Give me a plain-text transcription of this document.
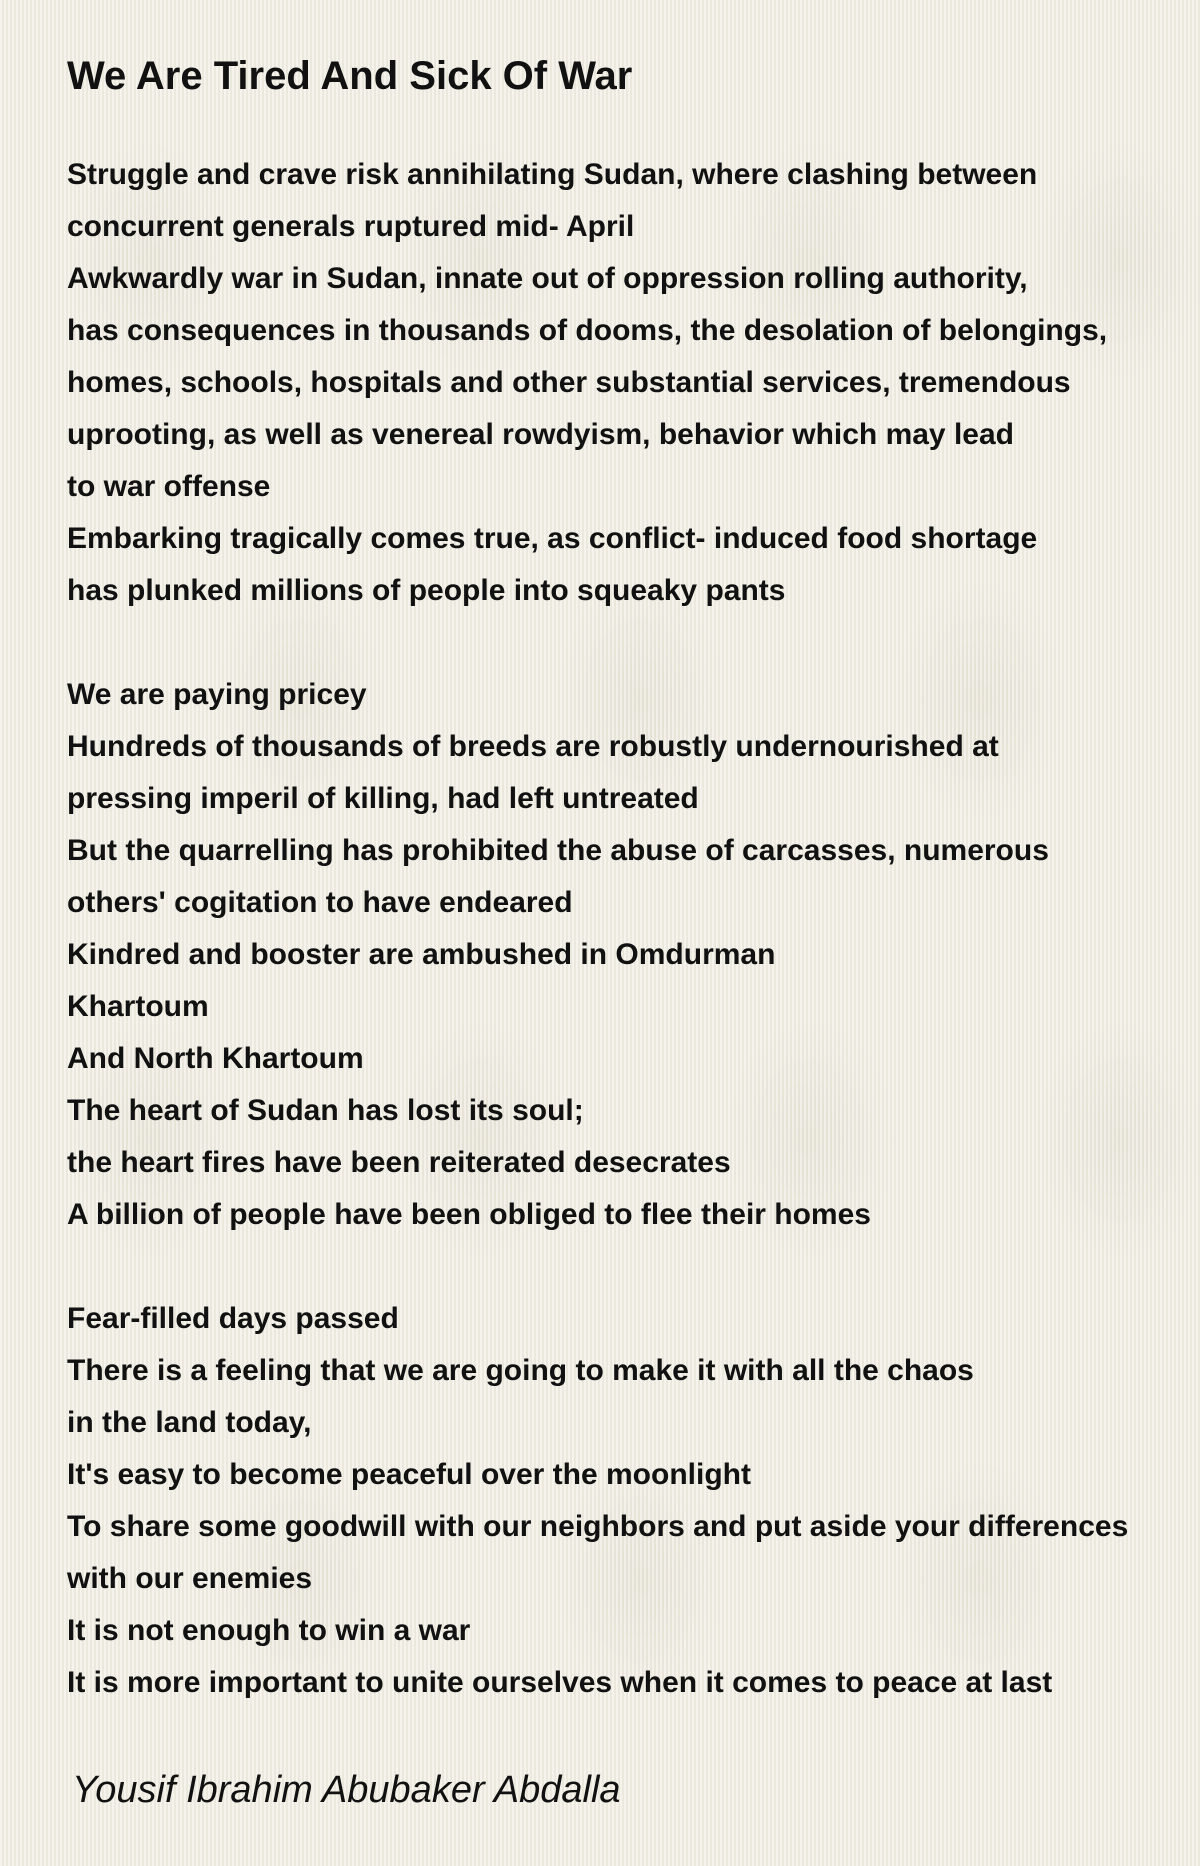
We Are Tired And Sick Of War
Struggle and crave risk annihilating Sudan, where clashing between
concurrent generals ruptured mid- April
Awkwardly war in Sudan, innate out of oppression rolling authority,
has consequences in thousands of dooms, the desolation of belongings,
homes, schools, hospitals and other substantial services, tremendous
uprooting, as well as venereal rowdyism, behavior which may lead
to war offense
Embarking tragically comes true, as conflict- induced food shortage
has plunked millions of people into squeaky pants
We are paying pricey
Hundreds of thousands of breeds are robustly undernourished at
pressing imperil of killing, had left untreated
But the quarrelling has prohibited the abuse of carcasses, numerous
others' cogitation to have endeared
Kindred and booster are ambushed in Omdurman
Khartoum
And North Khartoum
The heart of Sudan has lost its soul;
the heart fires have been reiterated desecrates
A billion of people have been obliged to flee their homes
Fear-filled days passed
There is a feeling that we are going to make it with all the chaos
in the land today,
It's easy to become peaceful over the moonlight
To share some goodwill with our neighbors and put aside your differences
with our enemies
It is not enough to win a war
It is more important to unite ourselves when it comes to peace at last
Yousif Ibrahim Abubaker Abdalla
